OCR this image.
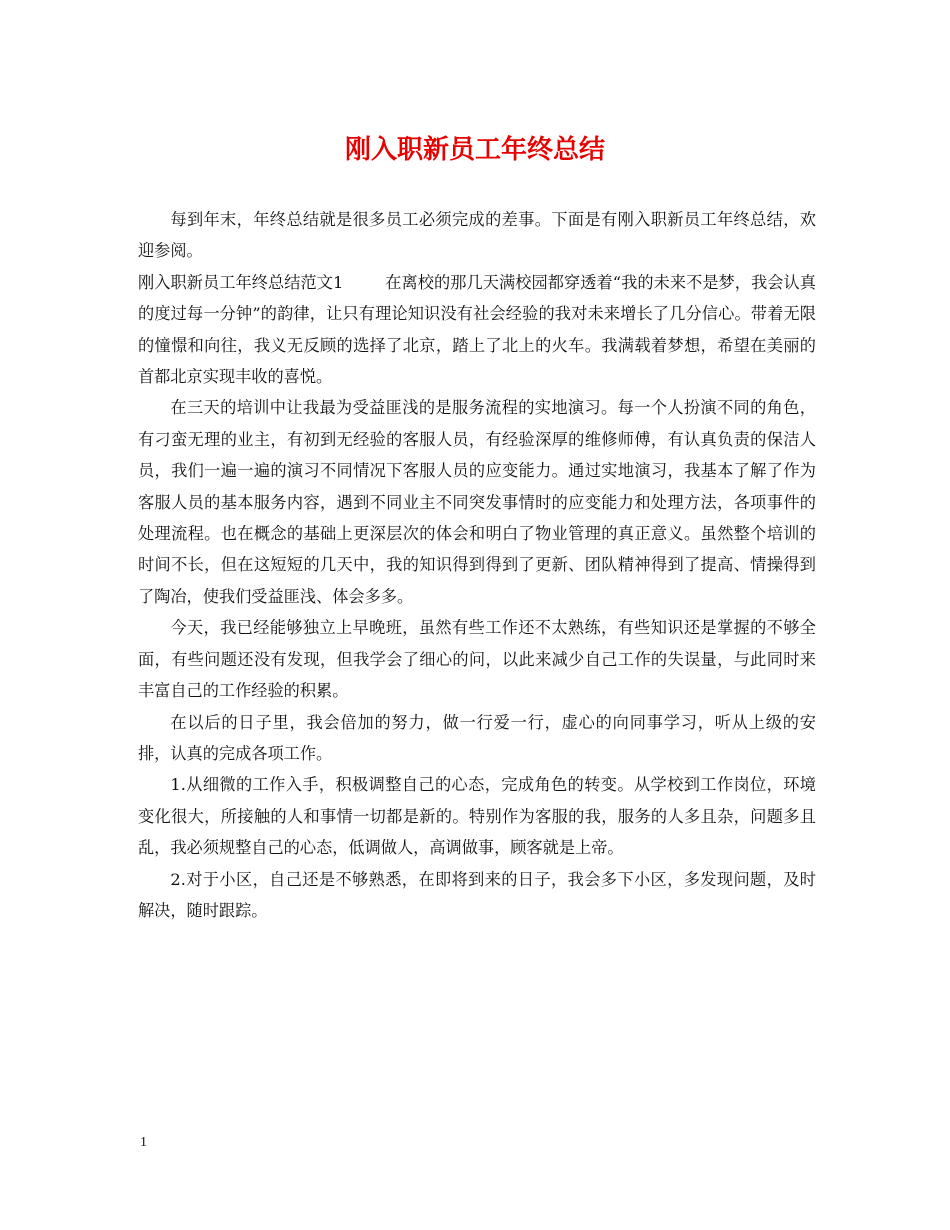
刚入职新员工年终总结

每到年末，年终总结就是很多员工必须完成的差事。下面是有刚入职新员工年终总结，欢迎参阅。

刚入职新员工年终总结范文1	在离校的那几天满校园都穿透着“我的未来不是梦，我会认真的度过每一分钟”的韵律，让只有理论知识没有社会经验的我对未来增长了几分信心。带着无限的憧憬和向往，我义无反顾的选择了北京，踏上了北上的火车。我满载着梦想，希望在美丽的首都北京实现丰收的喜悦。

在三天的培训中让我最为受益匪浅的是服务流程的实地演习。每一个人扮演不同的角色，有刁蛮无理的业主，有初到无经验的客服人员，有经验深厚的维修师傅，有认真负责的保洁人员，我们一遍一遍的演习不同情况下客服人员的应变能力。通过实地演习，我基本了解了作为客服人员的基本服务内容，遇到不同业主不同突发事情时的应变能力和处理方法，各项事件的处理流程。也在概念的基础上更深层次的体会和明白了物业管理的真正意义。虽然整个培训的时间不长，但在这短短的几天中，我的知识得到得到了更新、团队精神得到了提高、情操得到了陶冶，使我们受益匪浅、体会多多。

今天，我已经能够独立上早晚班，虽然有些工作还不太熟练，有些知识还是掌握的不够全面，有些问题还没有发现，但我学会了细心的问，以此来减少自己工作的失误量，与此同时来丰富自己的工作经验的积累。

在以后的日子里，我会倍加的努力，做一行爱一行，虚心的向同事学习，听从上级的安排，认真的完成各项工作。

1.从细微的工作入手，积极调整自己的心态，完成角色的转变。从学校到工作岗位，环境变化很大，所接触的人和事情一切都是新的。特别作为客服的我，服务的人多且杂，问题多且乱，我必须规整自己的心态，低调做人，高调做事，顾客就是上帝。

2.对于小区，自己还是不够熟悉，在即将到来的日子，我会多下小区，多发现问题，及时解决，随时跟踪。

1
